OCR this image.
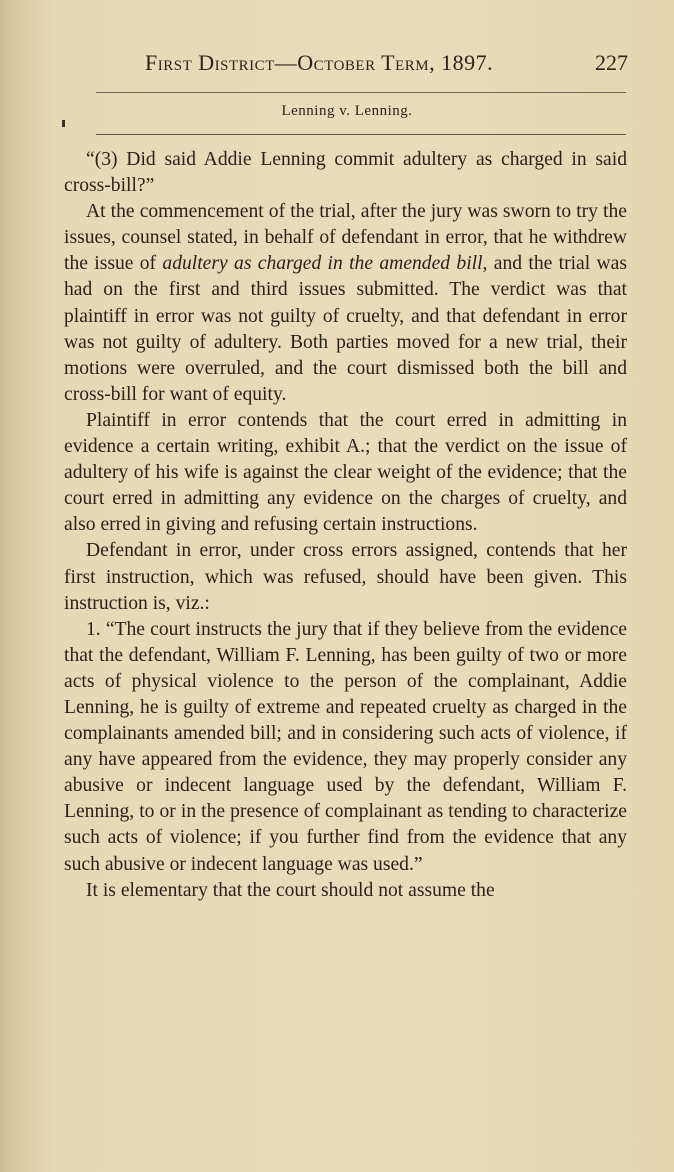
First District—October Term, 1897.	227
Lenning v. Lenning.

“(3) Did said Addie Lenning commit adultery as charged in said cross-bill?”

At the commencement of the trial, after the jury was sworn to try the issues, counsel stated, in behalf of defendant in error, that he withdrew the issue of adultery as charged in the amended bill, and the trial was had on the first and third issues submitted. The verdict was that plaintiff in error was not guilty of cruelty, and that defendant in error was not guilty of adultery. Both parties moved for a new trial, their motions were overruled, and the court dismissed both the bill and cross-bill for want of equity.

Plaintiff in error contends that the court erred in admitting in evidence a certain writing, exhibit A.; that the verdict on the issue of adultery of his wife is against the clear weight of the evidence; that the court erred in admitting any evidence on the charges of cruelty, and also erred in giving and refusing certain instructions.

Defendant in error, under cross errors assigned, contends that her first instruction, which was refused, should have been given. This instruction is, viz.:

1. “The court instructs the jury that if they believe from the evidence that the defendant, William F. Lenning, has been guilty of two or more acts of physical violence to the person of the complainant, Addie Lenning, he is guilty of extreme and repeated cruelty as charged in the complainants amended bill; and in considering such acts of violence, if any have appeared from the evidence, they may properly consider any abusive or indecent language used by the defendant, William F. Lenning, to or in the presence of complainant as tending to characterize such acts of violence; if you further find from the evidence that any such abusive or indecent language was used.”

It is elementary that the court should not assume the
